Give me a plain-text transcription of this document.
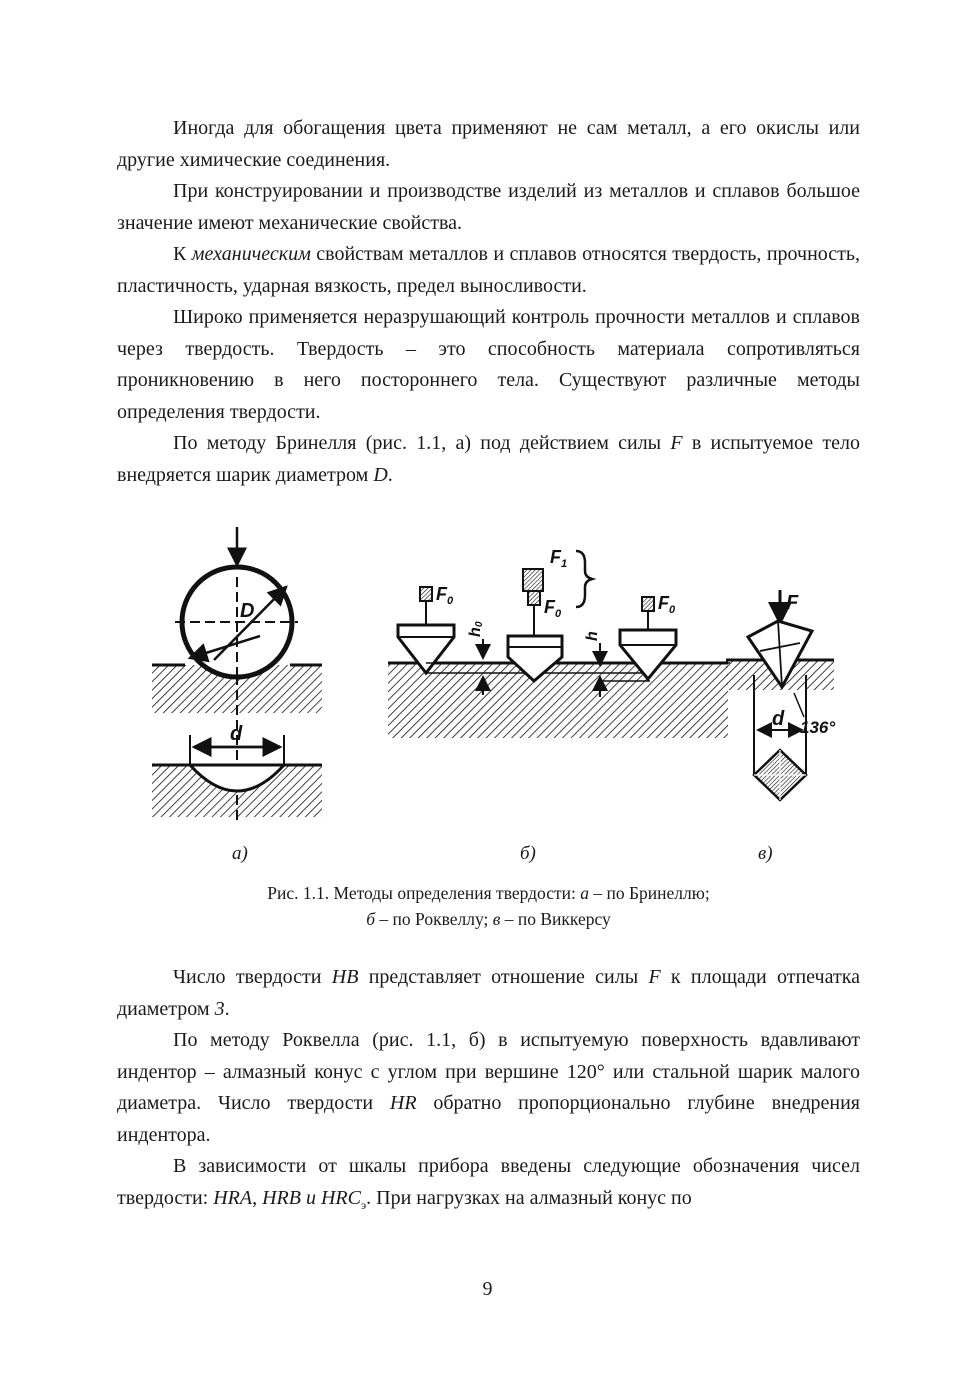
Иногда для обогащения цвета применяют не сам металл, а его окислы или другие химические соединения.

При конструировании и производстве изделий из металлов и сплавов большое значение имеют механические свойства.

К механическим свойствам металлов и сплавов относятся твердость, прочность, пластичность, ударная вязкость, предел выносливости.

Широко применяется неразрушающий контроль прочности металлов и сплавов через твердость. Твердость – это способность материала сопротивляться проникновению в него постороннего тела. Существуют различные методы определения твердости.

По методу Бринелля (рис. 1.1, а) под действием силы F в испытуемое тело внедряется шарик диаметром D.

D
d
F 0
h
0
F 1
F 0
h
F 0	F
d 136°
а)	б)	в)
Рис. 1.1. Методы определения твердости: а – по Бринеллю;
б – по Роквеллу; в – по Виккерсу

Число твердости HB представляет отношение силы F к площади отпечатка диаметром 3.

По методу Роквелла (рис. 1.1, б) в испытуемую поверхность вдавливают индентор – алмазный конус с углом при вершине 120° или стальной шарик малого диаметра. Число твердости HR обратно пропорционально глубине внедрения индентора.

В зависимости от шкалы прибора введены следующие обозначения чисел твердости: HRA, HRB и $HRC_э$. При нагрузках на алмазный конус по

9
